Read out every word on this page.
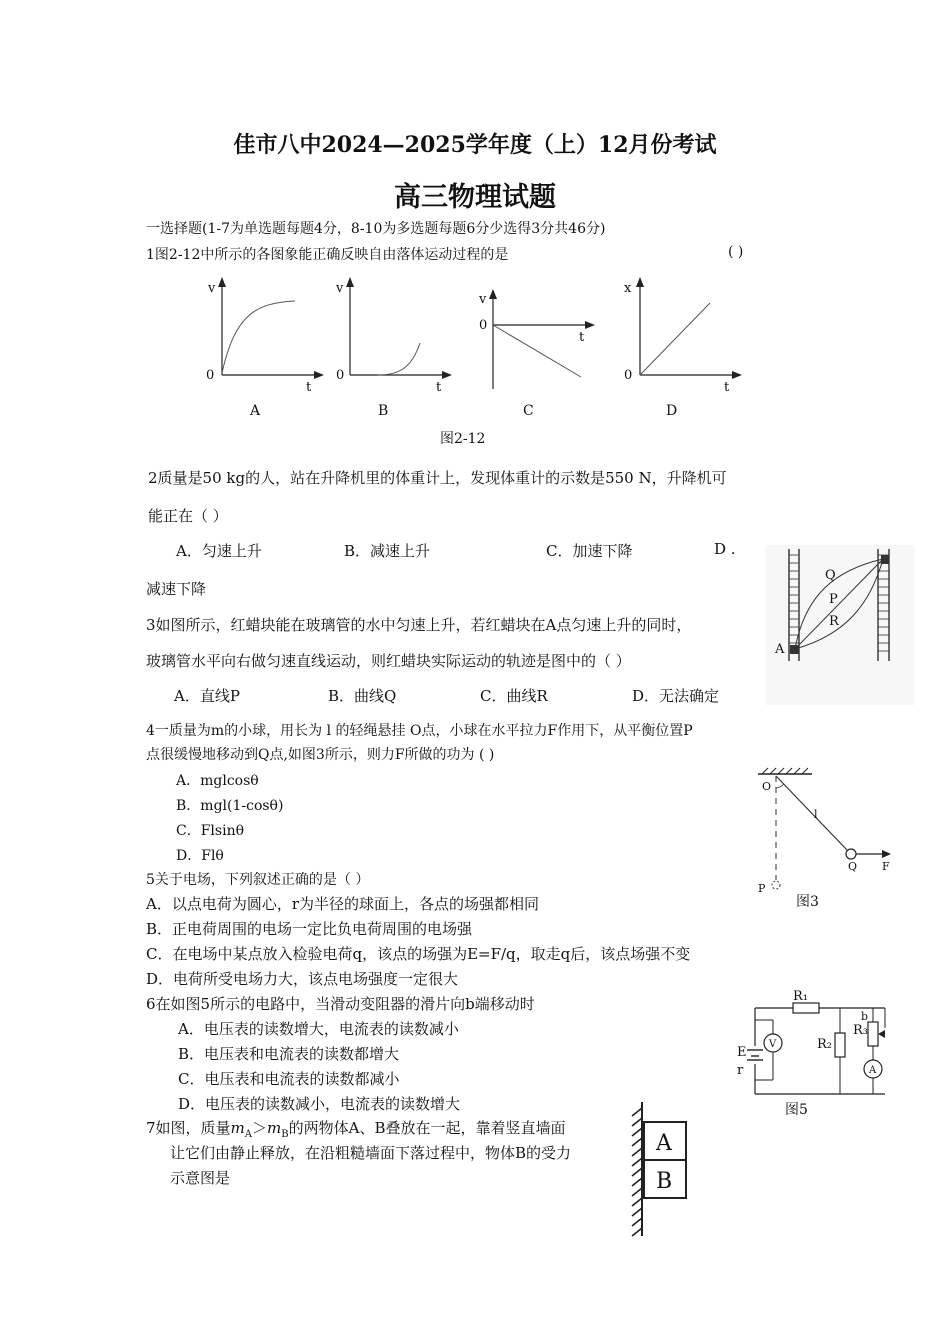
佳市八中2024—2025学年度（上）12月份考试
高三物理试题
一选择题(1-7为单选题每题4分，8-10为多选题每题6分少选得3分共46分)
1图2-12中所示的各图象能正确反映自由落体运动过程的是	( )
v
0
t
A
v
0
t
B
v
0
t
C
x
0
t
D
图2-12
2质量是50 kg的人，站在升降机里的体重计上，发现体重计的示数是550 N，升降机可
能正在（ ）
A．匀速上升	B．减速上升	C．加速下降	D .
减速下降
Q
P
R
A
3如图所示，红蜡块能在玻璃管的水中匀速上升，若红蜡块在A点匀速上升的同时，
玻璃管水平向右做匀速直线运动，则红蜡块实际运动的轨迹是图中的（ ）
A．直线P	B．曲线Q	C．曲线R	D．无法确定
4一质量为m的小球，用长为 l 的轻绳悬挂 O点，小球在水平拉力F作用下，从平衡位置P
点很缓慢地移动到Q点,如图3所示，则力F所做的功为 ( )
A．mglcosθ
B．mgl(1-cosθ)
C．Flsinθ
D．Flθ
O
l
P
Q F
图3
5关于电场，下列叙述正确的是（ ）
A．以点电荷为圆心，r为半径的球面上，各点的场强都相同
B．正电荷周围的电场一定比负电荷周围的电场强
C．在电场中某点放入检验电荷q，该点的场强为E=F/q，取走q后，该点场强不变
D．电荷所受电场力大，该点电场强度一定很大
6在如图5所示的电路中，当滑动变阻器的滑片向b端移动时
A．电压表的读数增大，电流表的读数减小
B．电压表和电流表的读数都增大
C．电压表和电流表的读数都减小
D．电压表的读数减小，电流表的读数增大
V
A
R₁
R₂
R₃
b
E
r
图5
7如图，质量$m_A>m_B$的两物体A、B叠放在一起，靠着竖直墙面
让它们由静止释放，在沿粗糙墙面下落过程中，物体B的受力
示意图是
A
B
